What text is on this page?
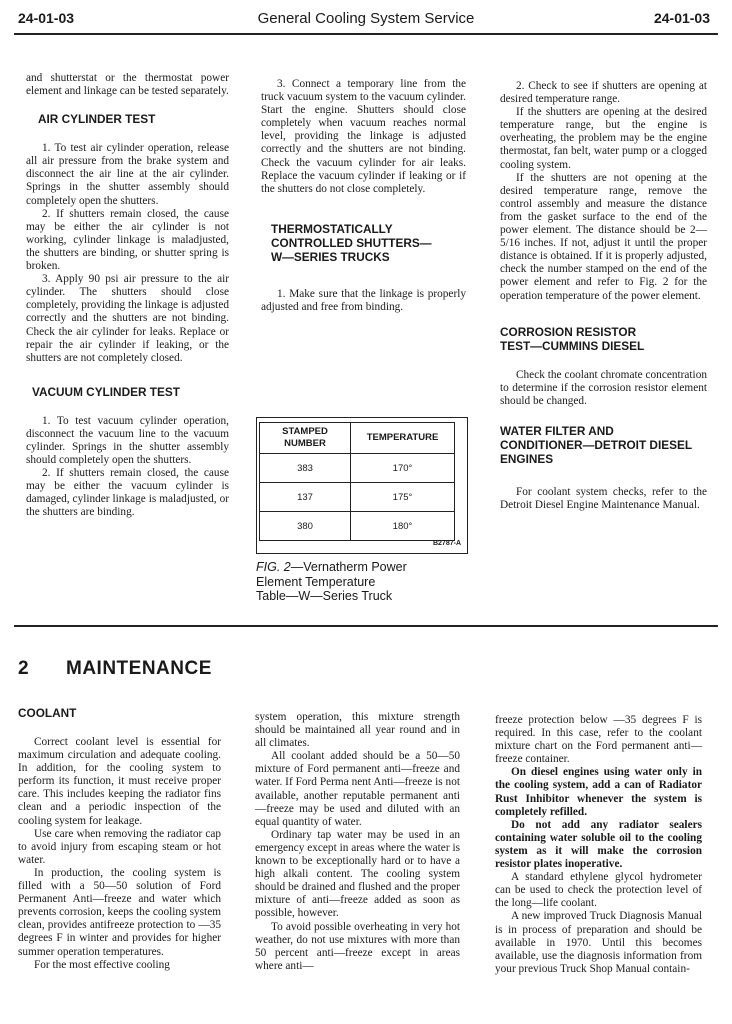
24-01-03	General Cooling System Service	24-01-03

and shutterstat or the thermostat power element and linkage can be tested separately.

AIR CYLINDER TEST

1. To test air cylinder operation, release all air pressure from the brake system and disconnect the air line at the air cylinder. Springs in the shutter assembly should completely open the shutters.

2. If shutters remain closed, the cause may be either the air cylinder is not working, cylinder linkage is maladjusted, the shutters are binding, or shutter spring is broken.

3. Apply 90 psi air pressure to the air cylinder. The shutters should close completely, providing the linkage is adjusted correctly and the shutters are not binding. Check the air cylinder for leaks. Replace or repair the air cylinder if leaking, or the shutters are not completely closed.

VACUUM CYLINDER TEST

1. To test vacuum cylinder operation, disconnect the vacuum line to the vacuum cylinder. Springs in the shutter assembly should completely open the shutters.

2. If shutters remain closed, the cause may be either the vacuum cylinder is damaged, cylinder linkage is maladjusted, or the shutters are binding.

3. Connect a temporary line from the truck vacuum system to the vacuum cylinder. Start the engine. Shutters should close completely when vacuum reaches normal level, providing the linkage is adjusted correctly and the shutters are not binding. Check the vacuum cylinder for air leaks. Replace the vacuum cylinder if leaking or if the shutters do not close completely.

THERMOSTATICALLY
CONTROLLED SHUTTERS—
W—SERIES TRUCKS

1. Make sure that the linkage is properly adjusted and free from binding.

STAMPED
NUMBER	TEMPERATURE
383	170°
137	175°
380	180°
B2787-A
FIG. 2—Vernatherm Power
Element Temperature
Table—W—Series Truck

2. Check to see if shutters are opening at desired temperature range.

If the shutters are opening at the desired temperature range, but the engine is overheating, the problem may be the engine thermostat, fan belt, water pump or a clogged cooling system.

If the shutters are not opening at the desired temperature range, remove the control assembly and measure the distance from the gasket surface to the end of the power element. The distance should be 2—5/16 inches. If not, adjust it until the proper distance is obtained. If it is properly adjusted, check the number stamped on the end of the power element and refer to Fig. 2 for the operation temperature of the power element.

CORROSION RESISTOR
TEST—CUMMINS DIESEL

Check the coolant chromate concentration to determine if the corrosion resistor element should be changed.

WATER FILTER AND
CONDITIONER—DETROIT DIESEL
ENGINES

For coolant system checks, refer to the Detroit Diesel Engine Maintenance Manual.

2 MAINTENANCE
COOLANT

Correct coolant level is essential for maximum circulation and adequate cooling. In addition, for the cooling system to perform its function, it must receive proper care. This includes keeping the radiator fins clean and a periodic inspection of the cooling system for leakage.

Use care when removing the radiator cap to avoid injury from escaping steam or hot water.

In production, the cooling system is filled with a 50—50 solution of Ford Permanent Anti—freeze and water which prevents corrosion, keeps the cooling system clean, provides antifreeze protection to —35 degrees F in winter and provides for higher summer operation temperatures.

For the most effective cooling

system operation, this mixture strength should be maintained all year round and in all climates.

All coolant added should be a 50—50 mixture of Ford permanent anti—freeze and water. If Ford Perma nent Anti—freeze is not available, another reputable permanent anti—freeze may be used and diluted with an equal quantity of water.

Ordinary tap water may be used in an emergency except in areas where the water is known to be exceptionally hard or to have a high alkali content. The cooling system should be drained and flushed and the proper mixture of anti—freeze added as soon as possible, however.

To avoid possible overheating in very hot weather, do not use mixtures with more than 50 percent anti—freeze except in areas where anti—

freeze protection below —35 degrees F is required. In this case, refer to the coolant mixture chart on the Ford permanent anti—freeze container.

On diesel engines using water only in the cooling system, add a can of Radiator Rust Inhibitor whenever the system is completely refilled.

Do not add any radiator sealers containing water soluble oil to the cooling system as it will make the corrosion resistor plates inoperative.

A standard ethylene glycol hydrometer can be used to check the protection level of the long—life coolant.

A new improved Truck Diagnosis Manual is in process of preparation and should be available in 1970. Until this becomes available, use the diagnosis information from your previous Truck Shop Manual contain-
